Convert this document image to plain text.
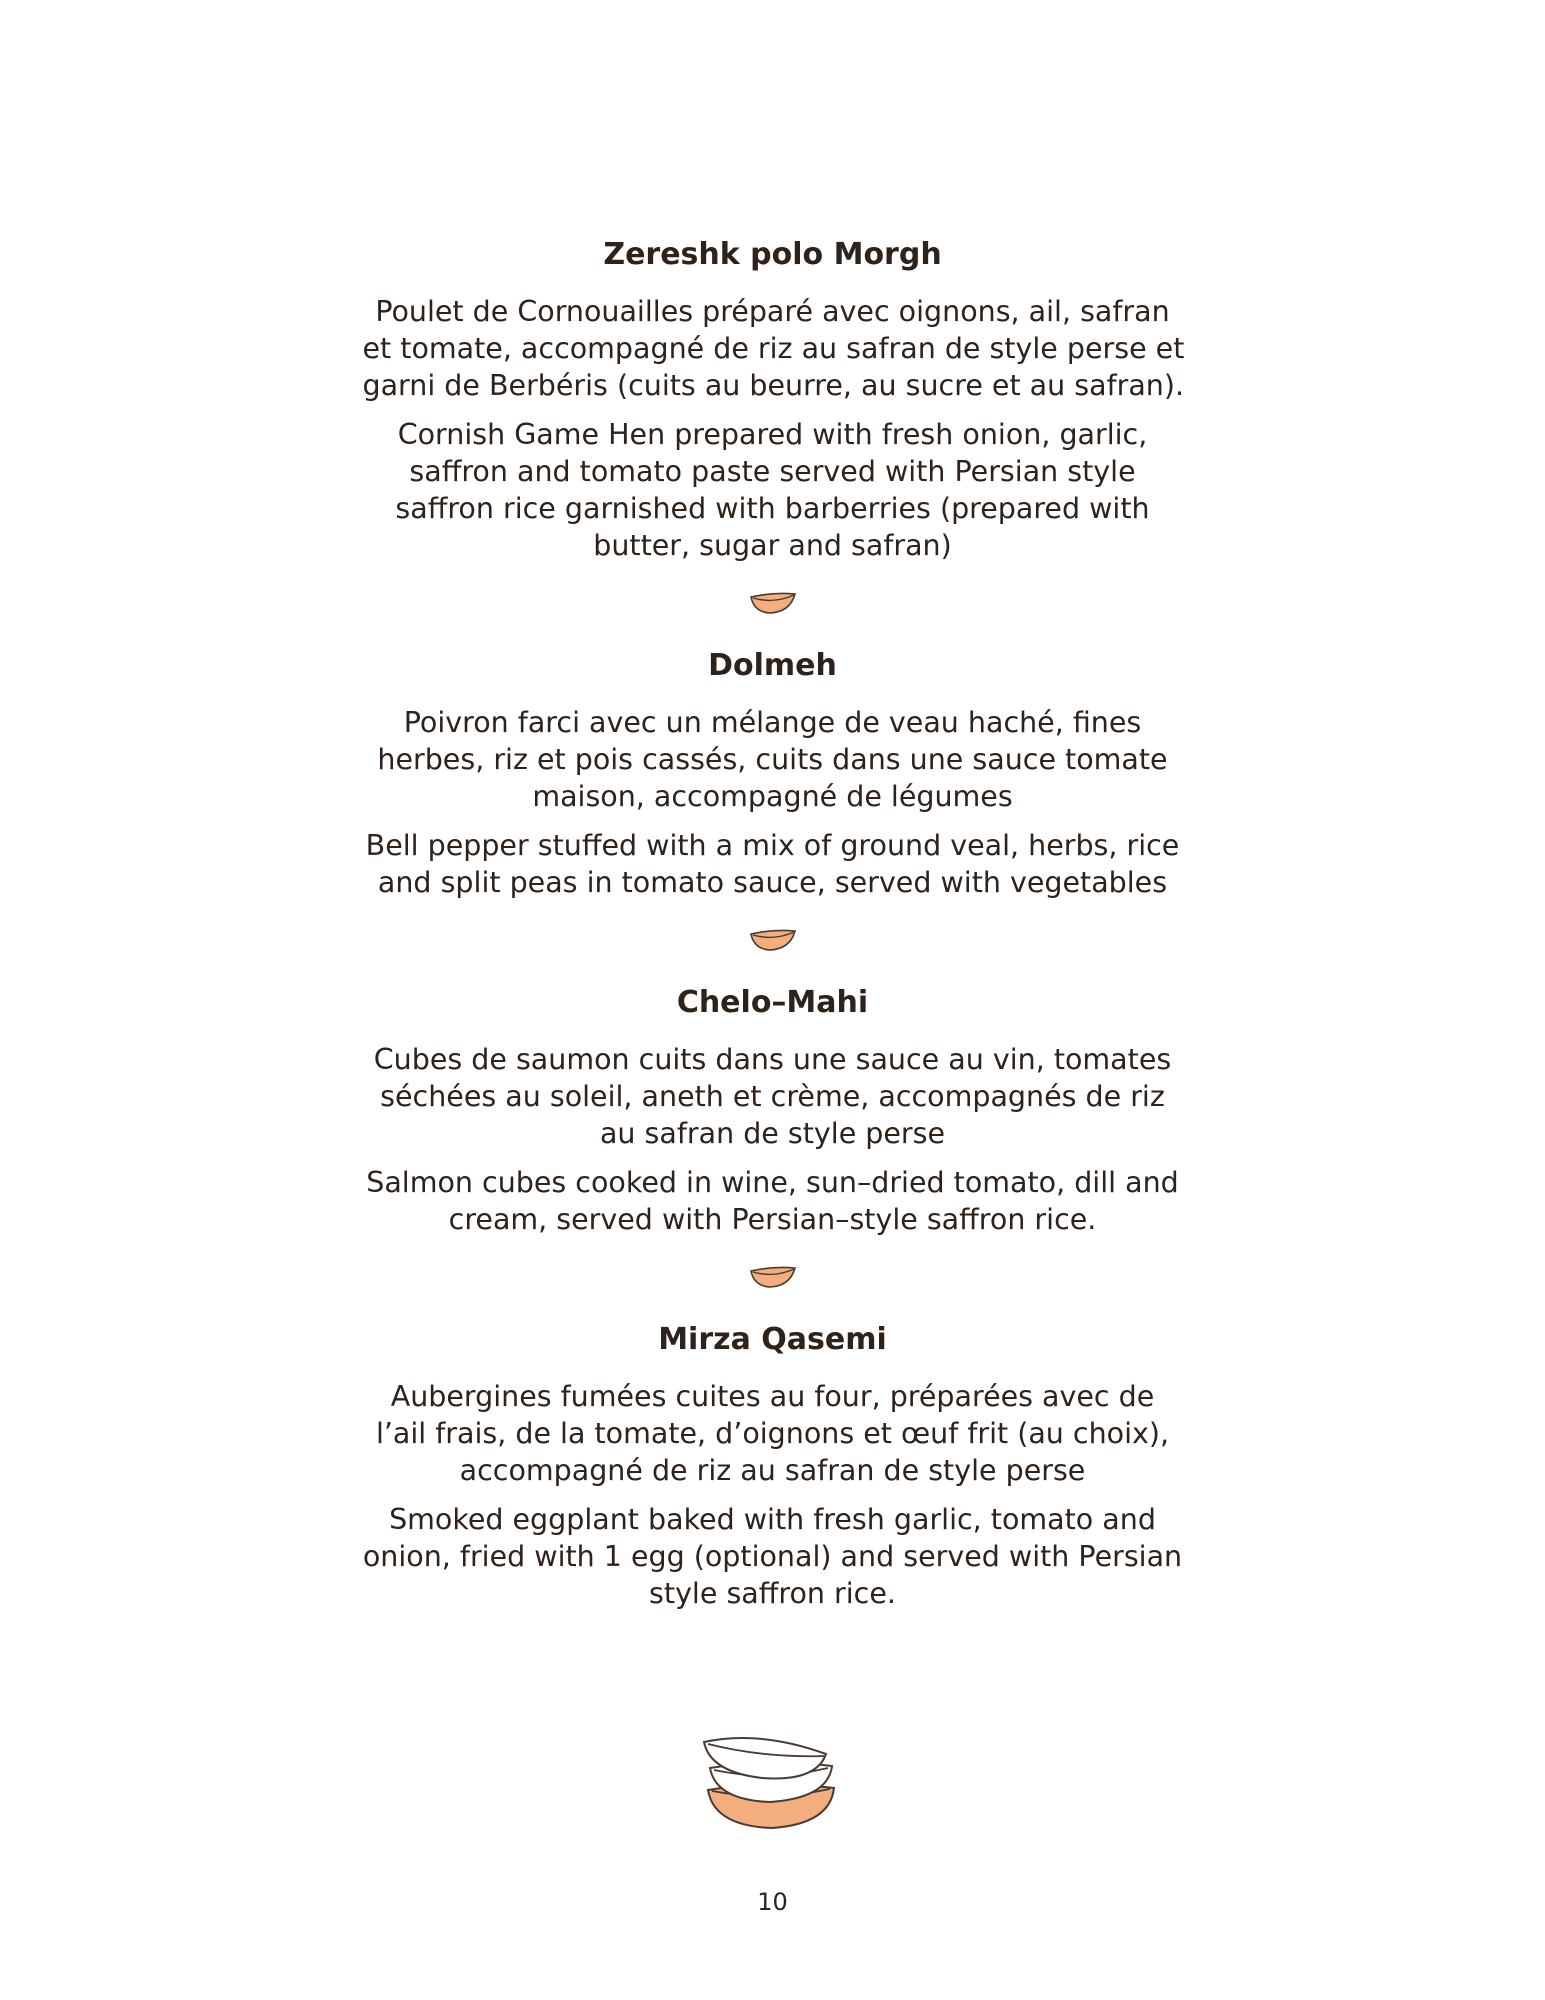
Zereshk polo Morgh
Poulet de Cornouailles préparé avec oignons, ail, safran
et tomate, accompagné de riz au safran de style perse et
garni de Berbéris (cuits au beurre, au sucre et au safran).
Cornish Game Hen prepared with fresh onion, garlic,
saffron and tomato paste served with Persian style
saffron rice garnished with barberries (prepared with
butter, sugar and safran)
Dolmeh
Poivron farci avec un mélange de veau haché, fines
herbes, riz et pois cassés, cuits dans une sauce tomate
maison, accompagné de légumes
Bell pepper stuffed with a mix of ground veal, herbs, rice
and split peas in tomato sauce, served with vegetables
Chelo–Mahi
Cubes de saumon cuits dans une sauce au vin, tomates
séchées au soleil, aneth et crème, accompagnés de riz
au safran de style perse
Salmon cubes cooked in wine, sun–dried tomato, dill and
cream, served with Persian–style saffron rice.
Mirza Qasemi
Aubergines fumées cuites au four, préparées avec de
l’ail frais, de la tomate, d’oignons et œuf frit (au choix),
accompagné de riz au safran de style perse
Smoked eggplant baked with fresh garlic, tomato and
onion, fried with 1 egg (optional) and served with Persian
style saffron rice.
10
